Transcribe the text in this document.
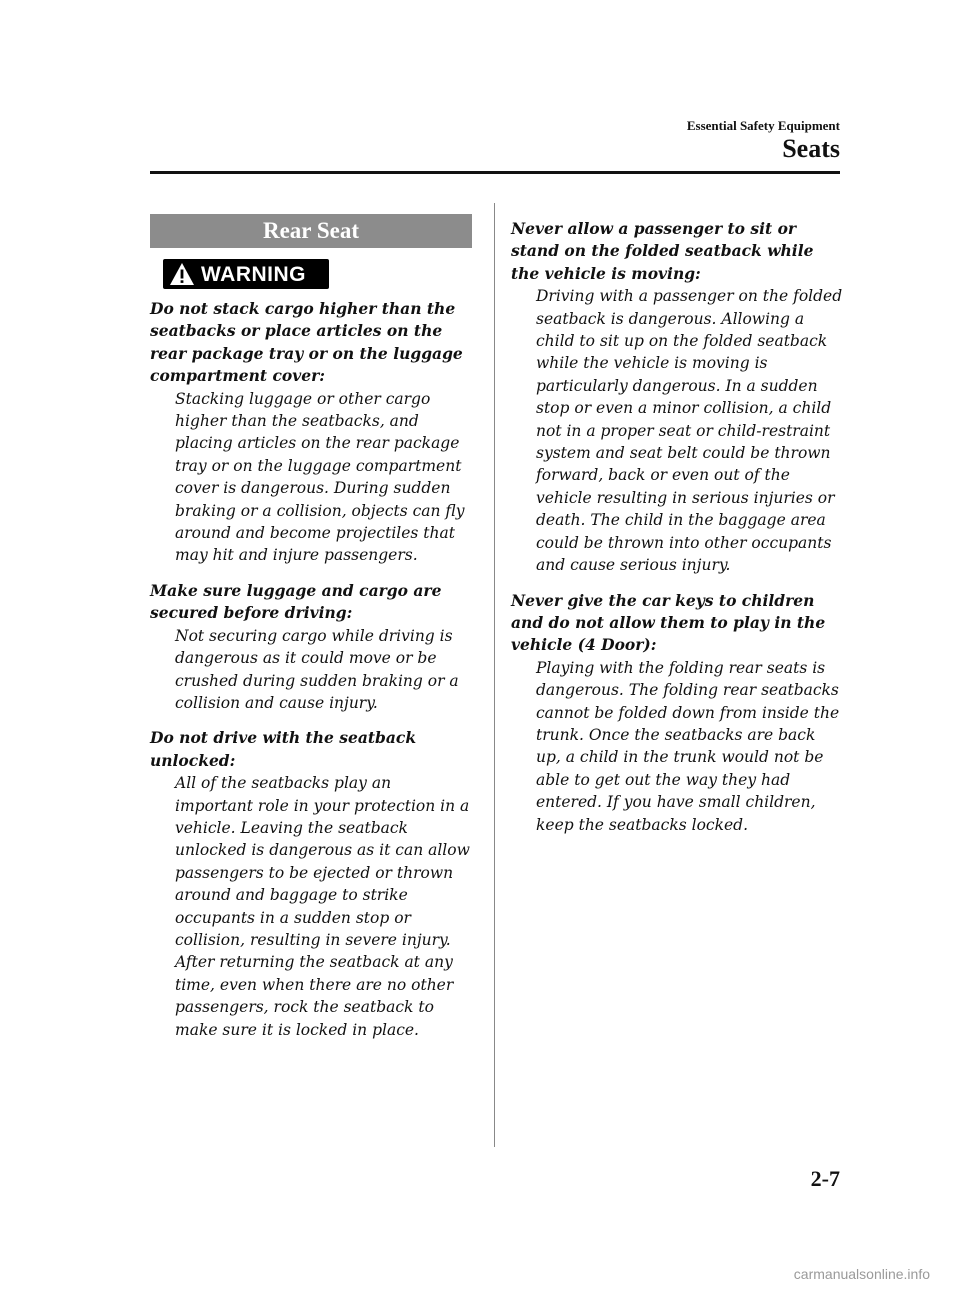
Essential Safety Equipment
Seats
Rear Seat
WARNING
Do not stack cargo higher than the seatbacks or place articles on the rear package tray or on the luggage compartment cover:
Stacking luggage or other cargo higher than the seatbacks, and placing articles on the rear package tray or on the luggage compartment cover is dangerous. During sudden braking or a collision, objects can fly around and become projectiles that may hit and injure passengers.
Make sure luggage and cargo are secured before driving:
Not securing cargo while driving is dangerous as it could move or be crushed during sudden braking or a collision and cause injury.
Do not drive with the seatback unlocked:
All of the seatbacks play an important role in your protection in a vehicle. Leaving the seatback unlocked is dangerous as it can allow passengers to be ejected or thrown around and baggage to strike occupants in a sudden stop or collision, resulting in severe injury. After returning the seatback at any time, even when there are no other passengers, rock the seatback to make sure it is locked in place.
Never allow a passenger to sit or stand on the folded seatback while the vehicle is moving:
Driving with a passenger on the folded seatback is dangerous. Allowing a child to sit up on the folded seatback while the vehicle is moving is particularly dangerous. In a sudden stop or even a minor collision, a child not in a proper seat or child-restraint system and seat belt could be thrown forward, back or even out of the vehicle resulting in serious injuries or death. The child in the baggage area could be thrown into other occupants and cause serious injury.
Never give the car keys to children and do not allow them to play in the vehicle (4 Door):
Playing with the folding rear seats is dangerous. The folding rear seatbacks cannot be folded down from inside the trunk. Once the seatbacks are back up, a child in the trunk would not be able to get out the way they had entered. If you have small children, keep the seatbacks locked.
2-7
carmanualsonline.info
